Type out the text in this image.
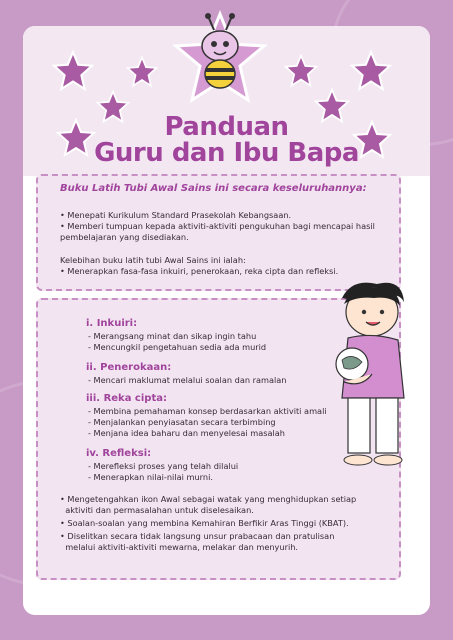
Panduan
Guru dan Ibu Bapa
Buku Latih Tubi Awal Sains ini secara keseluruhannya:
• Menepati Kurikulum Standard Prasekolah Kebangsaan.
• Memberi tumpuan kepada aktiviti-aktiviti pengukuhan bagi mencapai hasil
pembelajaran yang disediakan.
Kelebihan buku latih tubi Awal Sains ini ialah:
• Menerapkan fasa-fasa inkuiri, penerokaan, reka cipta dan refleksi.
i. Inkuiri:
- Merangsang minat dan sikap ingin tahu
- Mencungkil pengetahuan sedia ada murid
ii. Penerokaan:
- Mencari maklumat melalui soalan dan ramalan
iii. Reka cipta:
- Membina pemahaman konsep berdasarkan aktiviti amali
- Menjalankan penyiasatan secara terbimbing
- Menjana idea baharu dan menyelesai masalah
iv. Refleksi:
- Merefleksi proses yang telah dilalui
- Menerapkan nilai-nilai murni.
• Mengetengahkan ikon Awal sebagai watak yang menghidupkan setiap
aktiviti dan permasalahan untuk diselesaikan.
• Soalan-soalan yang membina Kemahiran Berfikir Aras Tinggi (KBAT).
• Diselitkan secara tidak langsung unsur prabacaan dan pratulisan
melalui aktiviti-aktiviti mewarna, melakar dan menyurih.
